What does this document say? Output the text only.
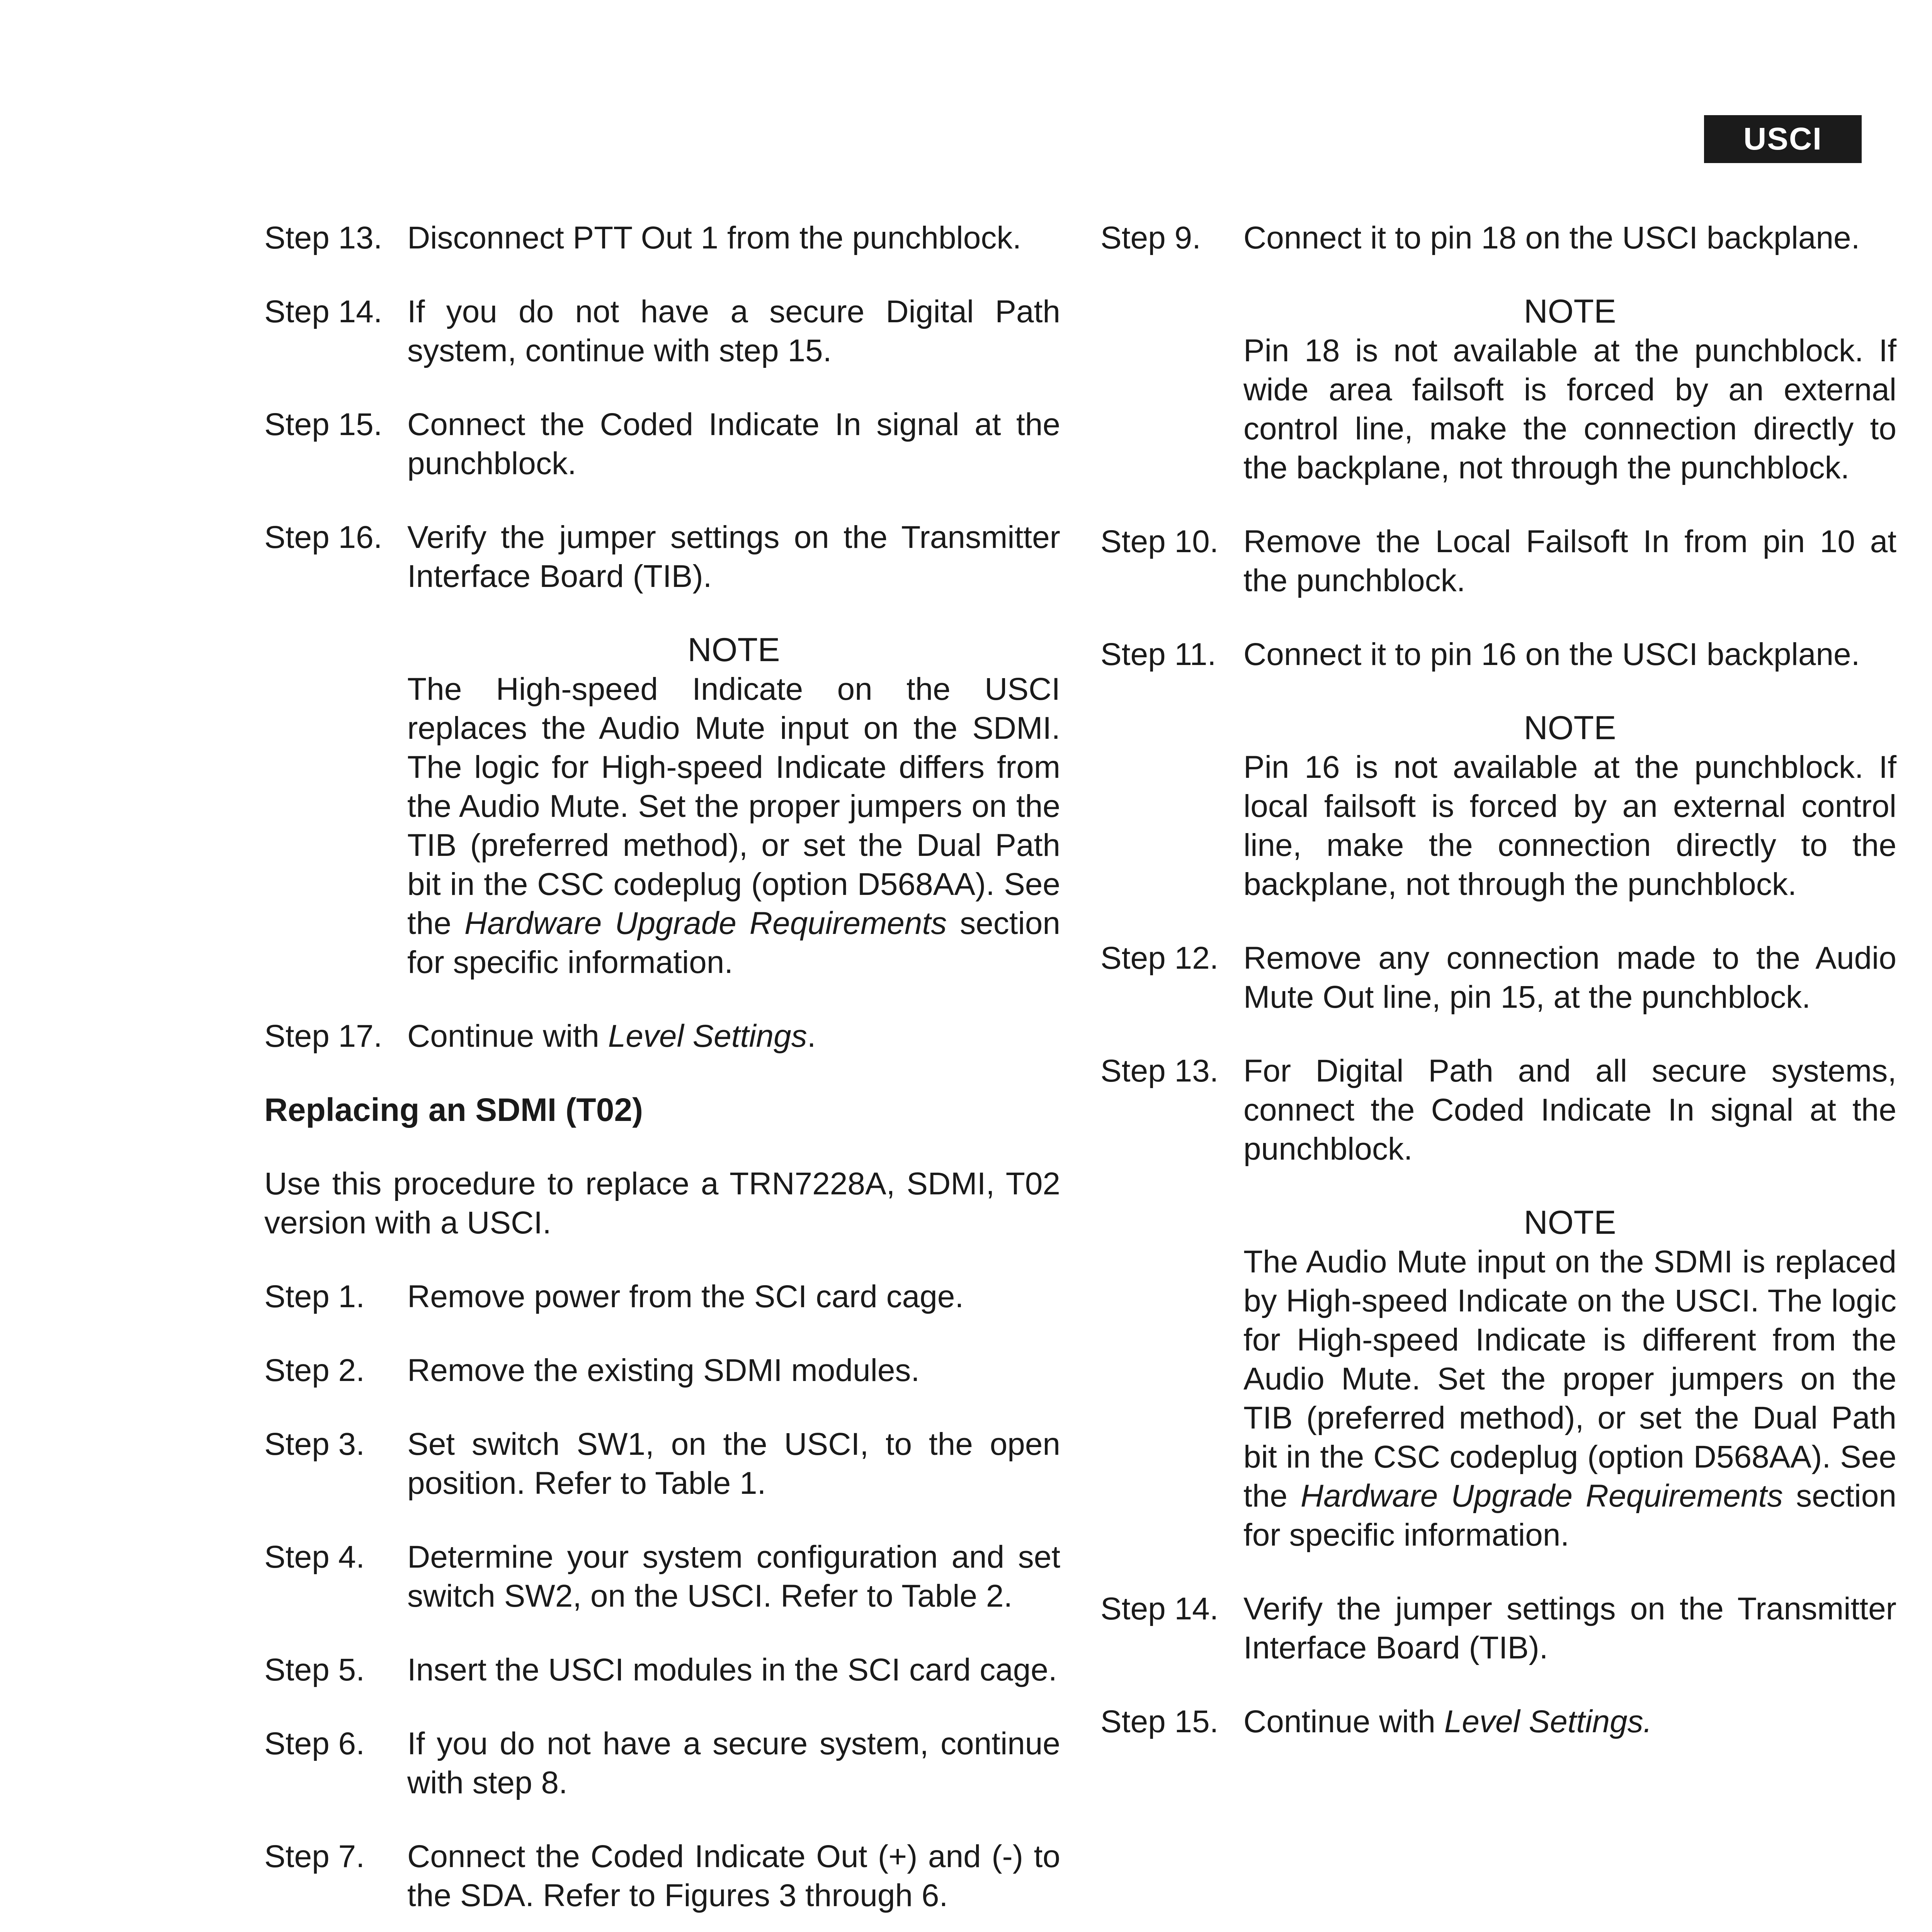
USCI
Step 13. Disconnect PTT Out 1 from the punchblock.
Step 14. If you do not have a secure Digital Path system, continue with step 15.
Step 15. Connect the Coded Indicate In signal at the punchblock.
Step 16. Verify the jumper settings on the Transmitter Interface Board (TIB).
NOTE
The High-speed Indicate on the USCI replaces the Audio Mute input on the SDMI. The logic for High-speed Indicate differs from the Audio Mute. Set the proper jumpers on the TIB (preferred method), or set the Dual Path bit in the CSC codeplug (option D568AA). See the Hardware Upgrade Requirements section for specific information.
Step 17. Continue with Level Settings.
Replacing an SDMI (T02)
Use this procedure to replace a TRN7228A, SDMI, T02 version with a USCI.
Step 1.	Remove power from the SCI card cage.
Step 2.	Remove the existing SDMI modules.
Step 3.	Set switch SW1, on the USCI, to the open position. Refer to Table 1.
Step 4.	Determine your system configuration and set switch SW2, on the USCI. Refer to Table 2.
Step 5.	Insert the USCI modules in the SCI card cage.
Step 6.	If you do not have a secure system, continue with step 8.
Step 7.	Connect the Coded Indicate Out (+) and (-) to the SDA. Refer to Figures 3 through 6.
Step 9.	Connect it to pin 18 on the USCI backplane.
NOTE
Pin 18 is not available at the punchblock. If wide area failsoft is forced by an external control line, make the connection directly to the backplane, not through the punchblock.
Step 10. Remove the Local Failsoft In from pin 10 at the punchblock.
Step 11. Connect it to pin 16 on the USCI backplane.
NOTE
Pin 16 is not available at the punchblock. If local failsoft is forced by an external control line, make the connection directly to the backplane, not through the punchblock.
Step 12. Remove any connection made to the Audio Mute Out line, pin 15, at the punchblock.
Step 13. For Digital Path and all secure systems, connect the Coded Indicate In signal at the punchblock.
NOTE
The Audio Mute input on the SDMI is replaced by High-speed Indicate on the USCI. The logic for High-speed Indicate is different from the Audio Mute. Set the proper jumpers on the TIB (preferred method), or set the Dual Path bit in the CSC codeplug (option D568AA). See the Hardware Upgrade Requirements section for specific information.
Step 14. Verify the jumper settings on the Transmitter Interface Board (TIB).
Step 15. Continue with Level Settings.
